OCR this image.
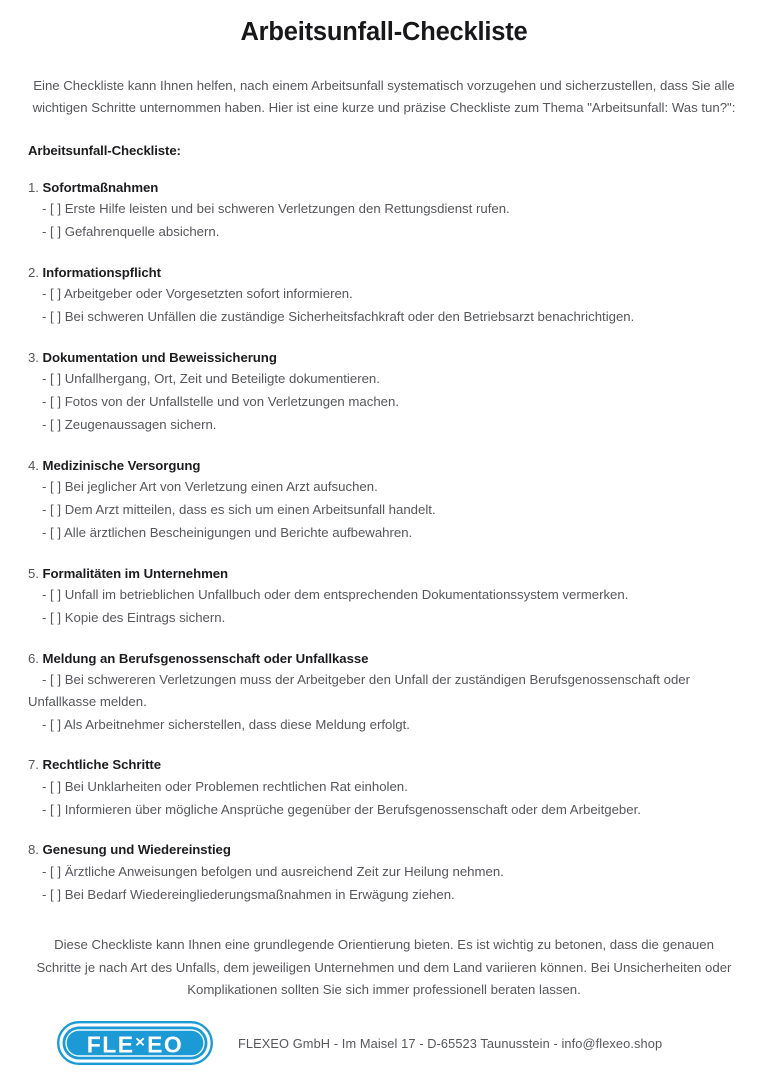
Arbeitsunfall-Checkliste

Eine Checkliste kann Ihnen helfen, nach einem Arbeitsunfall systematisch vorzugehen und sicherzustellen, dass Sie alle wichtigen Schritte unternommen haben. Hier ist eine kurze und präzise Checkliste zum Thema "Arbeitsunfall: Was tun?":

Arbeitsunfall-Checkliste:

1. Sofortmaßnahmen
- [ ] Erste Hilfe leisten und bei schweren Verletzungen den Rettungsdienst rufen.
- [ ] Gefahrenquelle absichern.
2. Informationspflicht
- [ ] Arbeitgeber oder Vorgesetzten sofort informieren.
- [ ] Bei schweren Unfällen die zuständige Sicherheitsfachkraft oder den Betriebsarzt benachrichtigen.
3. Dokumentation und Beweissicherung
- [ ] Unfallhergang, Ort, Zeit und Beteiligte dokumentieren.
- [ ] Fotos von der Unfallstelle und von Verletzungen machen.
- [ ] Zeugenaussagen sichern.
4. Medizinische Versorgung
- [ ] Bei jeglicher Art von Verletzung einen Arzt aufsuchen.
- [ ] Dem Arzt mitteilen, dass es sich um einen Arbeitsunfall handelt.
- [ ] Alle ärztlichen Bescheinigungen und Berichte aufbewahren.
5. Formalitäten im Unternehmen
- [ ] Unfall im betrieblichen Unfallbuch oder dem entsprechenden Dokumentationssystem vermerken.
- [ ] Kopie des Eintrags sichern.
6. Meldung an Berufsgenossenschaft oder Unfallkasse
- [ ] Bei schwereren Verletzungen muss der Arbeitgeber den Unfall der zuständigen Berufsgenossenschaft oder Unfallkasse melden.
- [ ] Als Arbeitnehmer sicherstellen, dass diese Meldung erfolgt.
7. Rechtliche Schritte
- [ ] Bei Unklarheiten oder Problemen rechtlichen Rat einholen.
- [ ] Informieren über mögliche Ansprüche gegenüber der Berufsgenossenschaft oder dem Arbeitgeber.
8. Genesung und Wiedereinstieg
- [ ] Ärztliche Anweisungen befolgen und ausreichend Zeit zur Heilung nehmen.
- [ ] Bei Bedarf Wiedereingliederungsmaßnahmen in Erwägung ziehen.

Diese Checkliste kann Ihnen eine grundlegende Orientierung bieten. Es ist wichtig zu betonen, dass die genauen Schritte je nach Art des Unfalls, dem jeweiligen Unternehmen und dem Land variieren können. Bei Unsicherheiten oder Komplikationen sollten Sie sich immer professionell beraten lassen.

FLE✕EO	FLEXEO GmbH - Im Maisel 17 - D-65523 Taunusstein - info@flexeo.shop
